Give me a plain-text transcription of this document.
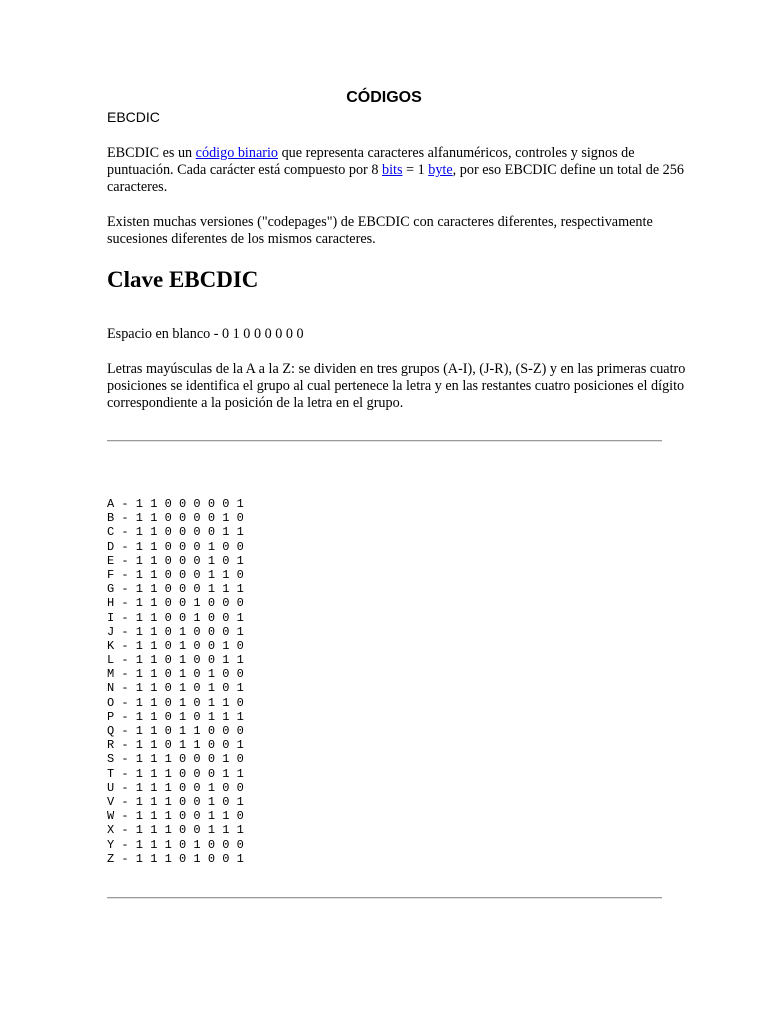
CÓDIGOS
EBCDIC

EBCDIC es un código binario que representa caracteres alfanuméricos, controles y signos de puntuación. Cada carácter está compuesto por 8 bits = 1 byte, por eso EBCDIC define un total de 256 caracteres.

Existen muchas versiones ("codepages") de EBCDIC con caracteres diferentes, respectivamente sucesiones diferentes de los mismos caracteres.

Clave EBCDIC

Espacio en blanco - 0 1 0 0 0 0 0 0

Letras mayúsculas de la A a la Z: se dividen en tres grupos (A-I), (J-R), (S-Z) y en las primeras cuatro posiciones se identifica el grupo al cual pertenece la letra y en las restantes cuatro posiciones el dígito correspondiente a la posición de la letra en el grupo.

A - 1 1 0 0 0 0 0 1
B - 1 1 0 0 0 0 1 0
C - 1 1 0 0 0 0 1 1
D - 1 1 0 0 0 1 0 0
E - 1 1 0 0 0 1 0 1
F - 1 1 0 0 0 1 1 0
G - 1 1 0 0 0 1 1 1
H - 1 1 0 0 1 0 0 0
I - 1 1 0 0 1 0 0 1
J - 1 1 0 1 0 0 0 1
K - 1 1 0 1 0 0 1 0
L - 1 1 0 1 0 0 1 1
M - 1 1 0 1 0 1 0 0
N - 1 1 0 1 0 1 0 1
O - 1 1 0 1 0 1 1 0
P - 1 1 0 1 0 1 1 1
Q - 1 1 0 1 1 0 0 0
R - 1 1 0 1 1 0 0 1
S - 1 1 1 0 0 0 1 0
T - 1 1 1 0 0 0 1 1
U - 1 1 1 0 0 1 0 0
V - 1 1 1 0 0 1 0 1
W - 1 1 1 0 0 1 1 0
X - 1 1 1 0 0 1 1 1
Y - 1 1 1 0 1 0 0 0
Z - 1 1 1 0 1 0 0 1
